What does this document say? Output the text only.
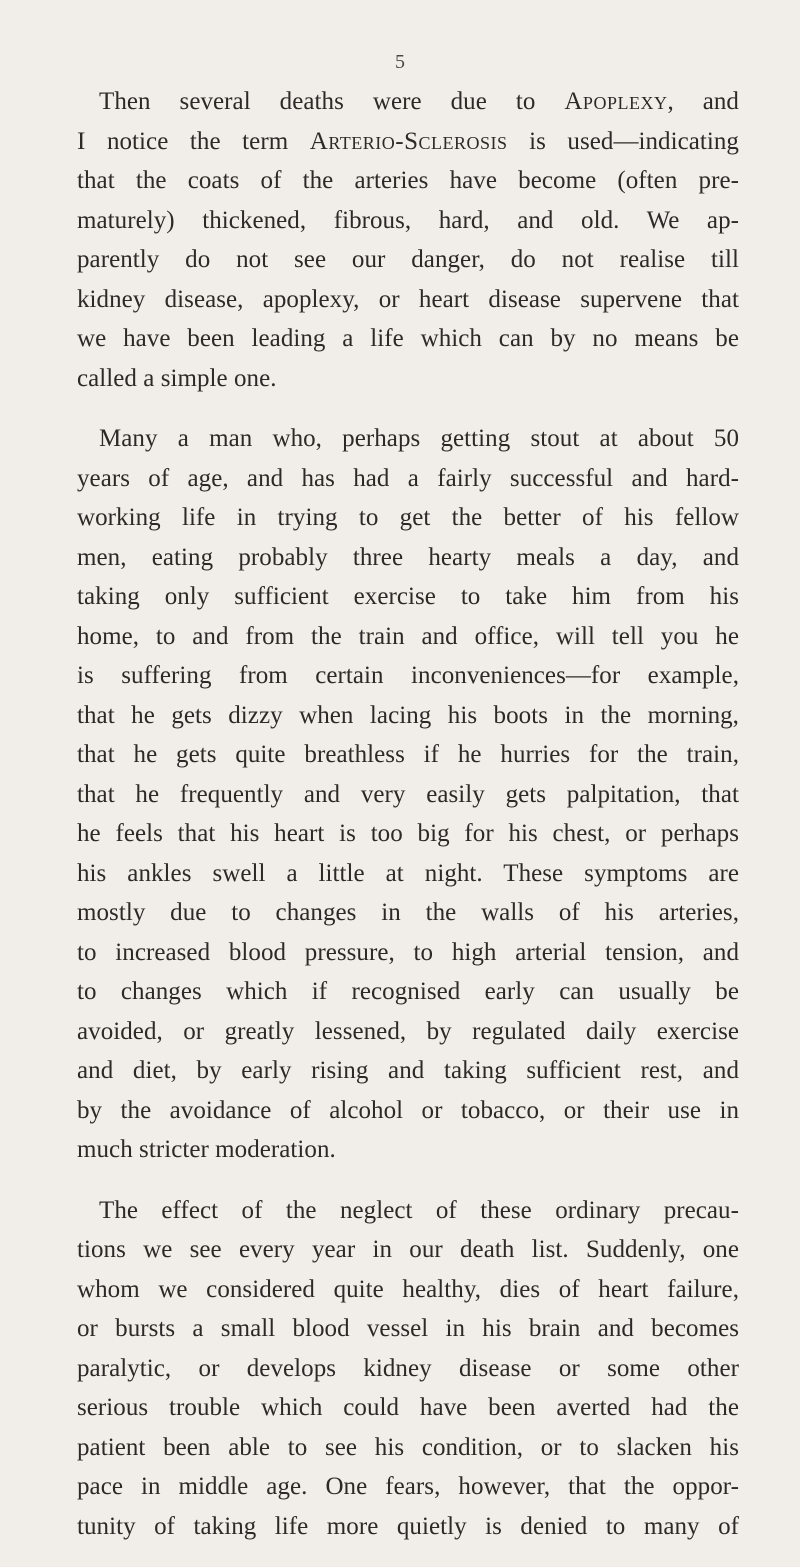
5
Then several deaths were due to Apoplexy, and
I notice the term Arterio-Sclerosis is used—indicating
that the coats of the arteries have become (often pre-
maturely) thickened, fibrous, hard, and old. We ap-
parently do not see our danger, do not realise till
kidney disease, apoplexy, or heart disease supervene that
we have been leading a life which can by no means be
called a simple one.
Many a man who, perhaps getting stout at about 50
years of age, and has had a fairly successful and hard-
working life in trying to get the better of his fellow
men, eating probably three hearty meals a day, and
taking only sufficient exercise to take him from his
home, to and from the train and office, will tell you he
is suffering from certain inconveniences—for example,
that he gets dizzy when lacing his boots in the morning,
that he gets quite breathless if he hurries for the train,
that he frequently and very easily gets palpitation, that
he feels that his heart is too big for his chest, or perhaps
his ankles swell a little at night. These symptoms are
mostly due to changes in the walls of his arteries,
to increased blood pressure, to high arterial tension, and
to changes which if recognised early can usually be
avoided, or greatly lessened, by regulated daily exercise
and diet, by early rising and taking sufficient rest, and
by the avoidance of alcohol or tobacco, or their use in
much stricter moderation.
The effect of the neglect of these ordinary precau-
tions we see every year in our death list. Suddenly, one
whom we considered quite healthy, dies of heart failure,
or bursts a small blood vessel in his brain and becomes
paralytic, or develops kidney disease or some other
serious trouble which could have been averted had the
patient been able to see his condition, or to slacken his
pace in middle age. One fears, however, that the oppor-
tunity of taking life more quietly is denied to many of
